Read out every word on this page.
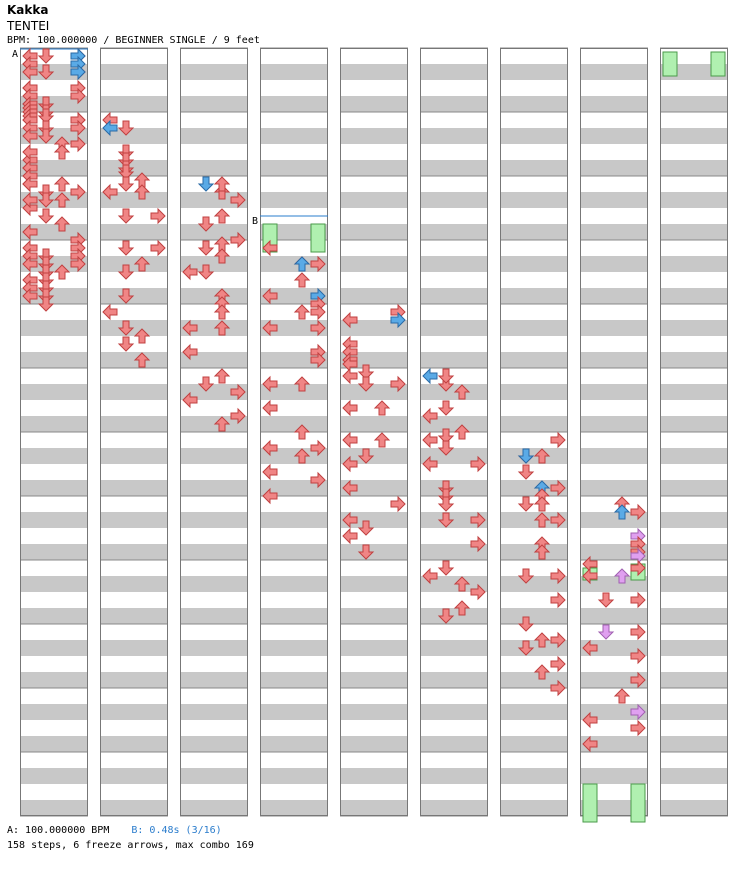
Kakka
TENTEI
BPM: 100.000000 / BEGINNER SINGLE / 9 feet
A
B
A: 100.000000 BPM B: 0.48s (3/16)
158 steps, 6 freeze arrows, max combo 169
